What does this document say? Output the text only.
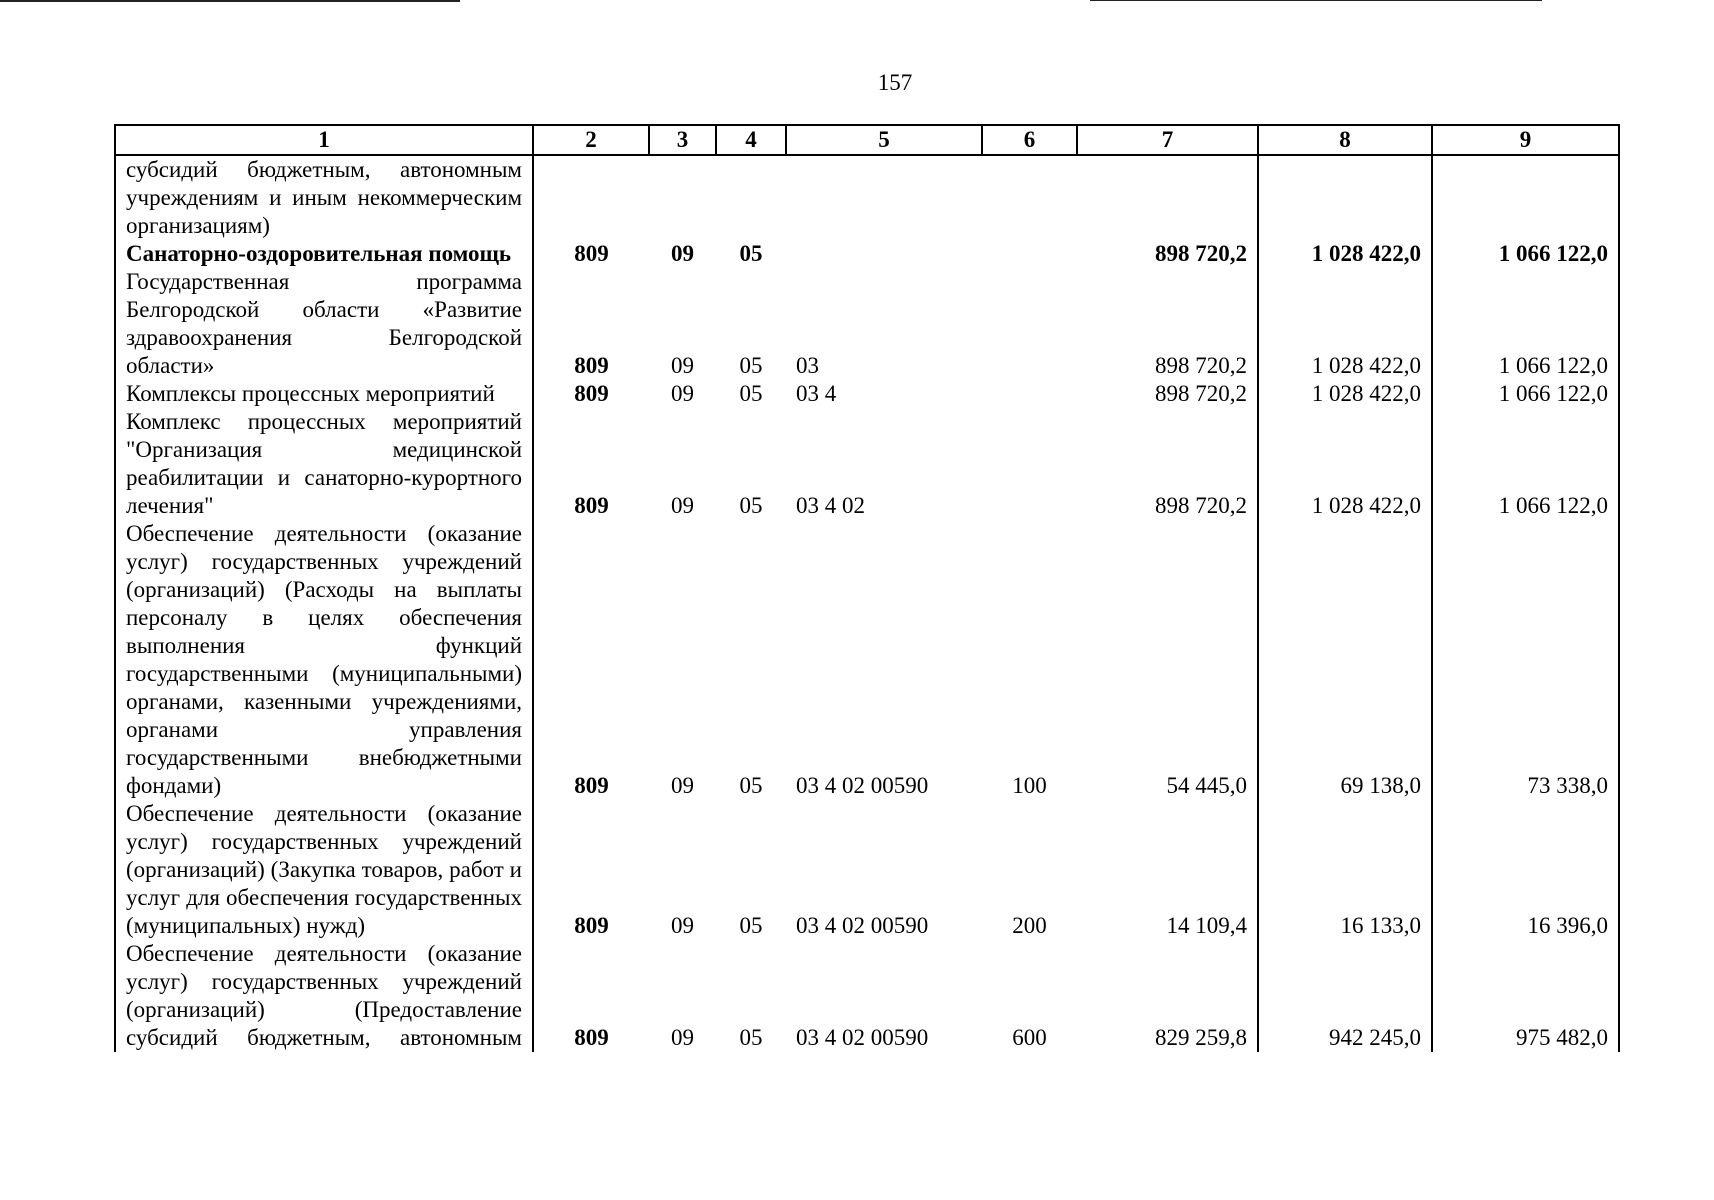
157
1	2	3	4	5	6	7	8	9
субсидий бюджетным, автономным учреждениям и иным некоммерческим организациям)								
Санаторно-оздоровительная помощь	809	09	05			898 720,2	1 028 422,0	1 066 122,0
Государственная программа Белгородской области «Развитие здравоохранения Белгородской области»	809	09	05	03		898 720,2	1 028 422,0	1 066 122,0
Комплексы процессных мероприятий	809	09	05	03 4		898 720,2	1 028 422,0	1 066 122,0
Комплекс процессных мероприятий "Организация медицинской реабилитации и санаторно-курортного лечения"	809	09	05	03 4 02		898 720,2	1 028 422,0	1 066 122,0
Обеспечение деятельности (оказание услуг) государственных учреждений (организаций) (Расходы на выплаты персоналу в целях обеспечения выполнения функций государственными (муниципальными) органами, казенными учреждениями, органами управления государственными внебюджетными фондами)	809	09	05	03 4 02 00590	100	54 445,0	69 138,0	73 338,0
Обеспечение деятельности (оказание услуг) государственных учреждений (организаций) (Закупка товаров, работ и услуг для обеспечения государственных (муниципальных) нужд)	809	09	05	03 4 02 00590	200	14 109,4	16 133,0	16 396,0
Обеспечение деятельности (оказание услуг) государственных учреждений (организаций) (Предоставление субсидий бюджетным, автономным	809	09	05	03 4 02 00590	600	829 259,8	942 245,0	975 482,0
